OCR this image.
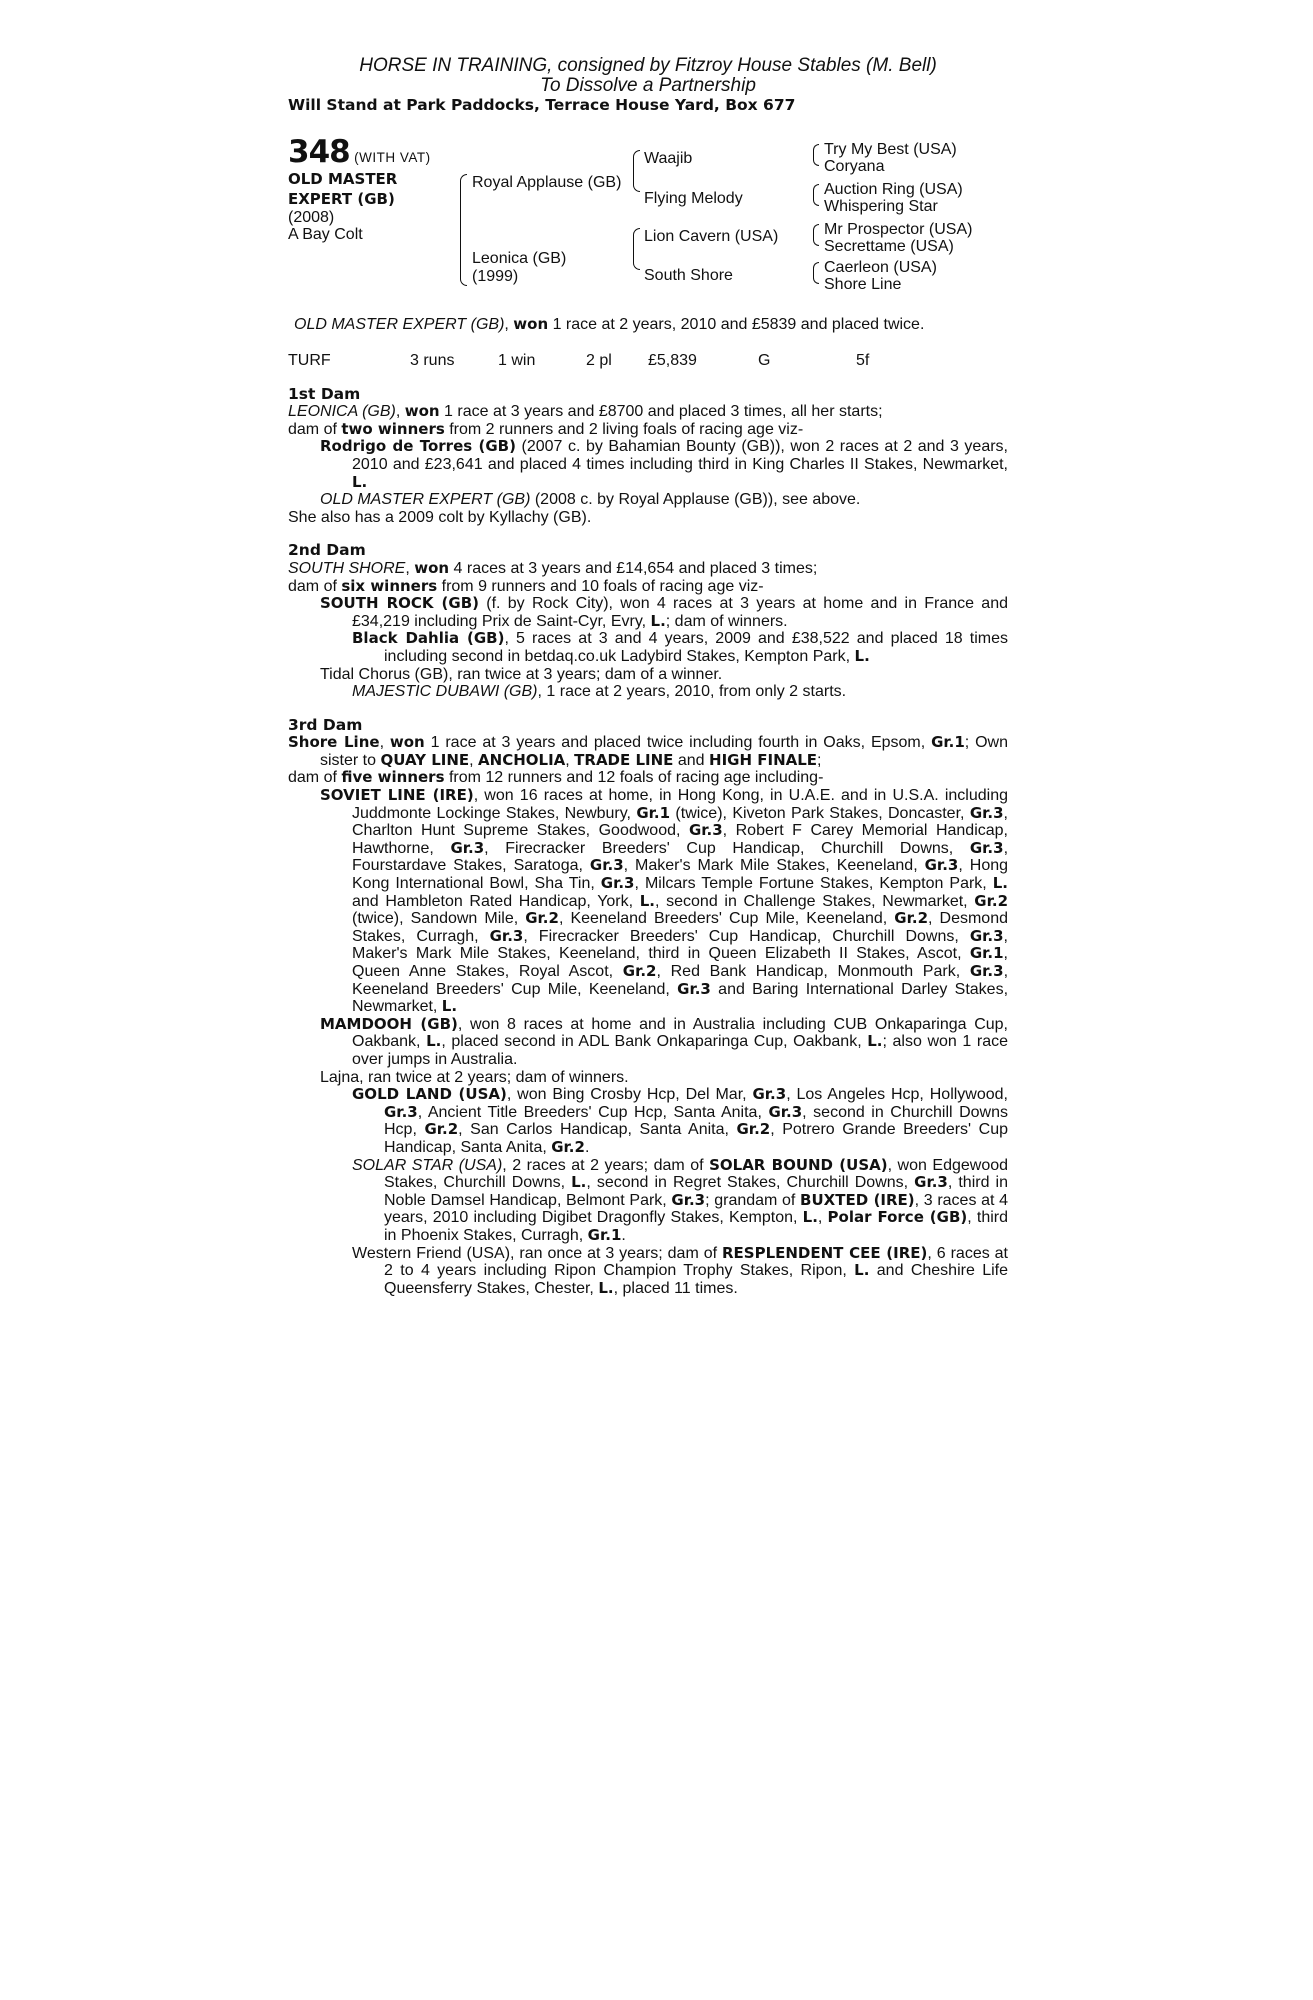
HORSE IN TRAINING, consigned by Fitzroy House Stables (M. Bell)
To Dissolve a Partnership
Will Stand at Park Paddocks, Terrace House Yard, Box 677
348 (WITH VAT)
OLD MASTER
EXPERT (GB)
(2008)
A Bay Colt
Royal Applause (GB)
Leonica (GB)
(1999)
Waajib
Flying Melody
Lion Cavern (USA)
South Shore
Try My Best (USA)
Coryana
Auction Ring (USA)
Whispering Star
Mr Prospector (USA)
Secrettame (USA)
Caerleon (USA)
Shore Line

OLD MASTER EXPERT (GB), won 1 race at 2 years, 2010 and £5839 and placed twice.

TURF	3 runs	1 win	2 pl £5,839	G	5f
1st Dam

LEONICA (GB), won 1 race at 3 years and £8700 and placed 3 times, all her starts;

dam of two winners from 2 runners and 2 living foals of racing age viz-

Rodrigo de Torres (GB) (2007 c. by Bahamian Bounty (GB)), won 2 races at 2 and 3 years, 2010 and £23,641 and placed 4 times including third in King Charles II Stakes, Newmarket, L.

OLD MASTER EXPERT (GB) (2008 c. by Royal Applause (GB)), see above.

She also has a 2009 colt by Kyllachy (GB).

2nd Dam

SOUTH SHORE, won 4 races at 3 years and £14,654 and placed 3 times;

dam of six winners from 9 runners and 10 foals of racing age viz-

SOUTH ROCK (GB) (f. by Rock City), won 4 races at 3 years at home and in France and £34,219 including Prix de Saint-Cyr, Evry, L.; dam of winners.

Black Dahlia (GB), 5 races at 3 and 4 years, 2009 and £38,522 and placed 18 times including second in betdaq.co.uk Ladybird Stakes, Kempton Park, L.

Tidal Chorus (GB), ran twice at 3 years; dam of a winner.

MAJESTIC DUBAWI (GB), 1 race at 2 years, 2010, from only 2 starts.

3rd Dam

Shore Line, won 1 race at 3 years and placed twice including fourth in Oaks, Epsom, Gr.1; Own sister to QUAY LINE, ANCHOLIA, TRADE LINE and HIGH FINALE;

dam of five winners from 12 runners and 12 foals of racing age including-

SOVIET LINE (IRE), won 16 races at home, in Hong Kong, in U.A.E. and in U.S.A. including Juddmonte Lockinge Stakes, Newbury, Gr.1 (twice), Kiveton Park Stakes, Doncaster, Gr.3, Charlton Hunt Supreme Stakes, Goodwood, Gr.3, Robert F Carey Memorial Handicap, Hawthorne, Gr.3, Firecracker Breeders' Cup Handicap, Churchill Downs, Gr.3, Fourstardave Stakes, Saratoga, Gr.3, Maker's Mark Mile Stakes, Keeneland, Gr.3, Hong Kong International Bowl, Sha Tin, Gr.3, Milcars Temple Fortune Stakes, Kempton Park, L. and Hambleton Rated Handicap, York, L., second in Challenge Stakes, Newmarket, Gr.2 (twice), Sandown Mile, Gr.2, Keeneland Breeders' Cup Mile, Keeneland, Gr.2, Desmond Stakes, Curragh, Gr.3, Firecracker Breeders' Cup Handicap, Churchill Downs, Gr.3, Maker's Mark Mile Stakes, Keeneland, third in Queen Elizabeth II Stakes, Ascot, Gr.1, Queen Anne Stakes, Royal Ascot, Gr.2, Red Bank Handicap, Monmouth Park, Gr.3, Keeneland Breeders' Cup Mile, Keeneland, Gr.3 and Baring International Darley Stakes, Newmarket, L.

MAMDOOH (GB), won 8 races at home and in Australia including CUB Onkaparinga Cup, Oakbank, L., placed second in ADL Bank Onkaparinga Cup, Oakbank, L.; also won 1 race over jumps in Australia.

Lajna, ran twice at 2 years; dam of winners.

GOLD LAND (USA), won Bing Crosby Hcp, Del Mar, Gr.3, Los Angeles Hcp, Hollywood, Gr.3, Ancient Title Breeders' Cup Hcp, Santa Anita, Gr.3, second in Churchill Downs Hcp, Gr.2, San Carlos Handicap, Santa Anita, Gr.2, Potrero Grande Breeders' Cup Handicap, Santa Anita, Gr.2.

SOLAR STAR (USA), 2 races at 2 years; dam of SOLAR BOUND (USA), won Edgewood Stakes, Churchill Downs, L., second in Regret Stakes, Churchill Downs, Gr.3, third in Noble Damsel Handicap, Belmont Park, Gr.3; grandam of BUXTED (IRE), 3 races at 4 years, 2010 including Digibet Dragonfly Stakes, Kempton, L., Polar Force (GB), third in Phoenix Stakes, Curragh, Gr.1.

Western Friend (USA), ran once at 3 years; dam of RESPLENDENT CEE (IRE), 6 races at 2 to 4 years including Ripon Champion Trophy Stakes, Ripon, L. and Cheshire Life Queensferry Stakes, Chester, L., placed 11 times.
